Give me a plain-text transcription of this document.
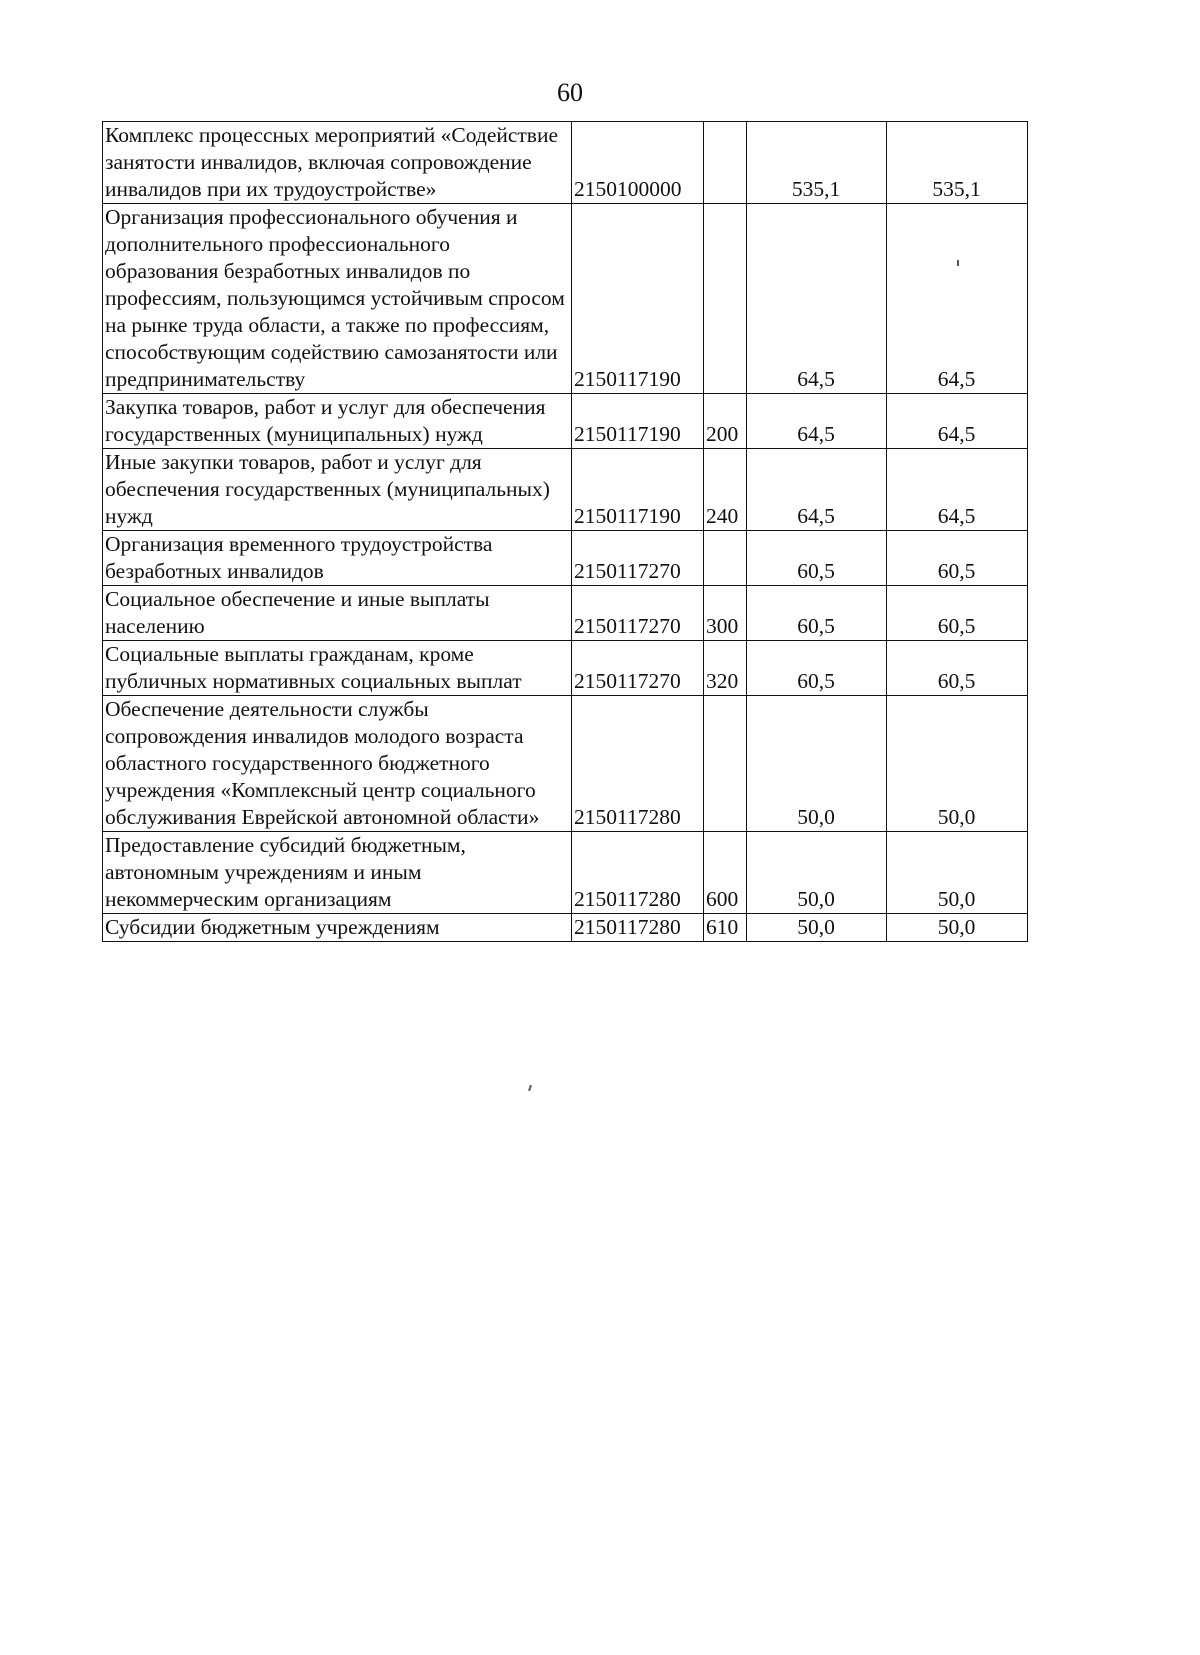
60
Комплекс процессных мероприятий «Содействие занятости инвалидов, включая сопровождение инвалидов при их трудоустройстве»	2150100000		535,1	535,1
Организация профессионального обучения и дополнительного профессионального образования безработных инвалидов по профессиям, пользующимся устойчивым спросом на рынке труда области, а также по профессиям, способствующим содействию самозанятости или предпринимательству	2150117190		64,5	64,5
Закупка товаров, работ и услуг для обеспечения государственных (муниципальных) нужд	2150117190	200	64,5	64,5
Иные закупки товаров, работ и услуг для обеспечения государственных (муниципальных) нужд	2150117190	240	64,5	64,5
Организация временного трудоустройства безработных инвалидов	2150117270		60,5	60,5
Социальное обеспечение и иные выплаты населению	2150117270	300	60,5	60,5
Социальные выплаты гражданам, кроме публичных нормативных социальных выплат	2150117270	320	60,5	60,5
Обеспечение деятельности службы сопровождения инвалидов молодого возраста областного государственного бюджетного учреждения «Комплексный центр социального обслуживания Еврейской автономной области»	2150117280		50,0	50,0
Предоставление субсидий бюджетным, автономным учреждениям и иным некоммерческим организациям	2150117280	600	50,0	50,0
Субсидии бюджетным учреждениям	2150117280	610	50,0	50,0
